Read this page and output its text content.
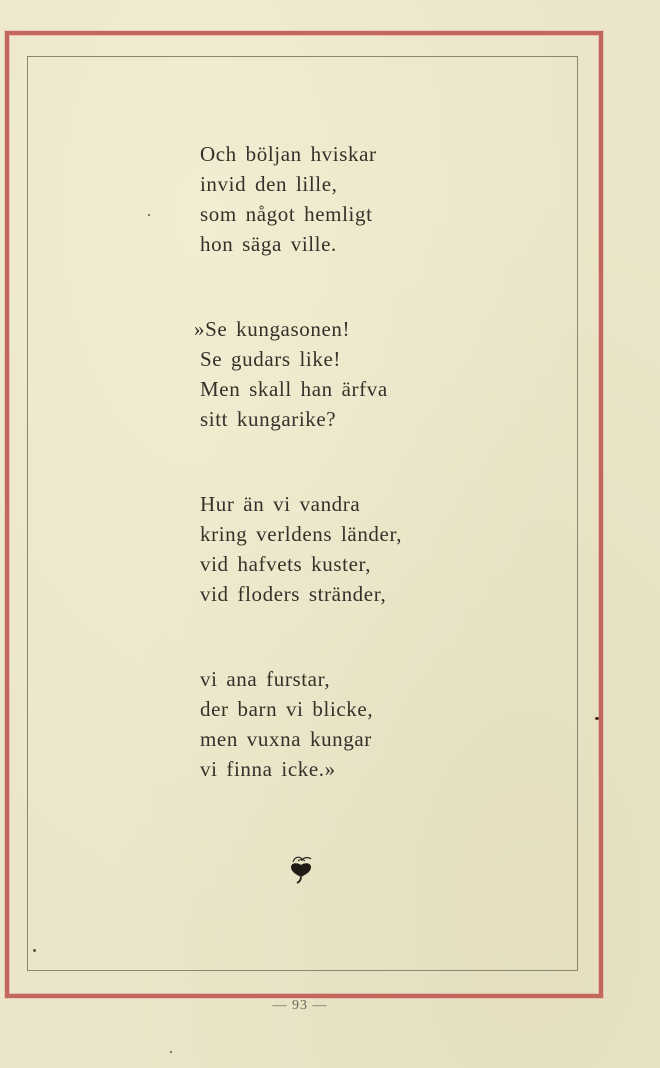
Och böljan hviskar
invid den lille,
som något hemligt
hon säga ville.
»Se kungasonen!
Se gudars like!
Men skall han ärfva
sitt kungarike?
Hur än vi vandra
kring verldens länder,
vid hafvets kuster,
vid floders stränder,
vi ana furstar,
der barn vi blicke,
men vuxna kungar
vi finna icke.»
— 93 —
